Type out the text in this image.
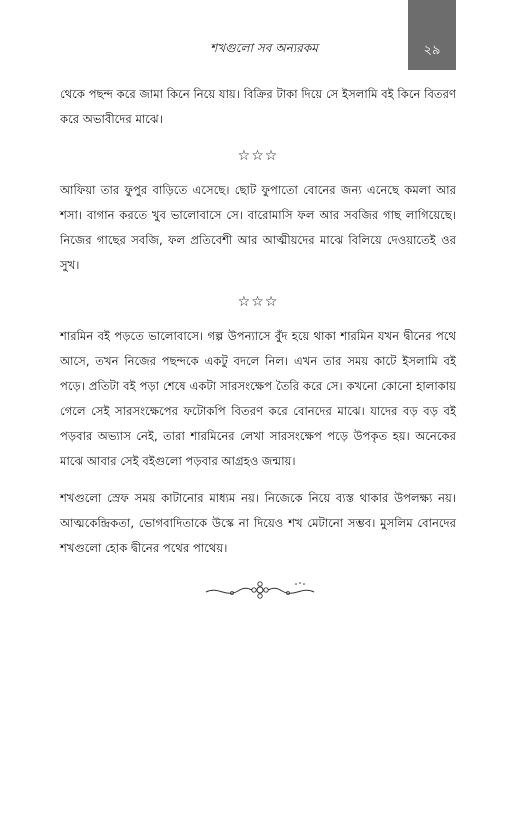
শখগুলো সব অন্যরকম	২৯

থেকে পছন্দ করে জামা কিনে নিয়ে যায়। বিক্রির টাকা দিয়ে সে ইসলামি বই কিনে বিতরণ করে অভাবীদের মাঝে।

☆☆☆

আফিয়া তার ফুপুর বাড়িতে এসেছে। ছোট ফুপাতো বোনের জন্য এনেছে কমলা আর শসা। বাগান করতে খুব ভালোবাসে সে। বারোমাসি ফল আর সবজির গাছ লাগিয়েছে। নিজের গাছের সবজি, ফল প্রতিবেশী আর আত্মীয়দের মাঝে বিলিয়ে দেওয়াতেই ওর সুখ।

☆☆☆

শারমিন বই পড়তে ভালোবাসে। গল্প উপন্যাসে বুঁদ হয়ে থাকা শারমিন যখন দ্বীনের পথে আসে, তখন নিজের পছন্দকে একটু বদলে নিল। এখন তার সময় কাটে ইসলামি বই পড়ে। প্রতিটা বই পড়া শেষে একটা সারসংক্ষেপ তৈরি করে সে। কখনো কোনো হালাকায় গেলে সেই সারসংক্ষেপের ফটোকপি বিতরণ করে বোনদের মাঝে। যাদের বড় বড় বই পড়বার অভ্যাস নেই, তারা শারমিনের লেখা সারসংক্ষেপ পড়ে উপকৃত হয়। অনেকের মাঝে আবার সেই বইগুলো পড়বার আগ্রহও জন্মায়।

শখগুলো স্রেফ সময় কাটানোর মাধ্যম নয়। নিজেকে নিয়ে ব্যস্ত থাকার উপলক্ষ্য নয়। আত্মকেন্দ্রিকতা, ভোগবাদিতাকে উস্কে না দিয়েও শখ মেটানো সম্ভব। মুসলিম বোনদের শখগুলো হোক দ্বীনের পথের পাথেয়।
